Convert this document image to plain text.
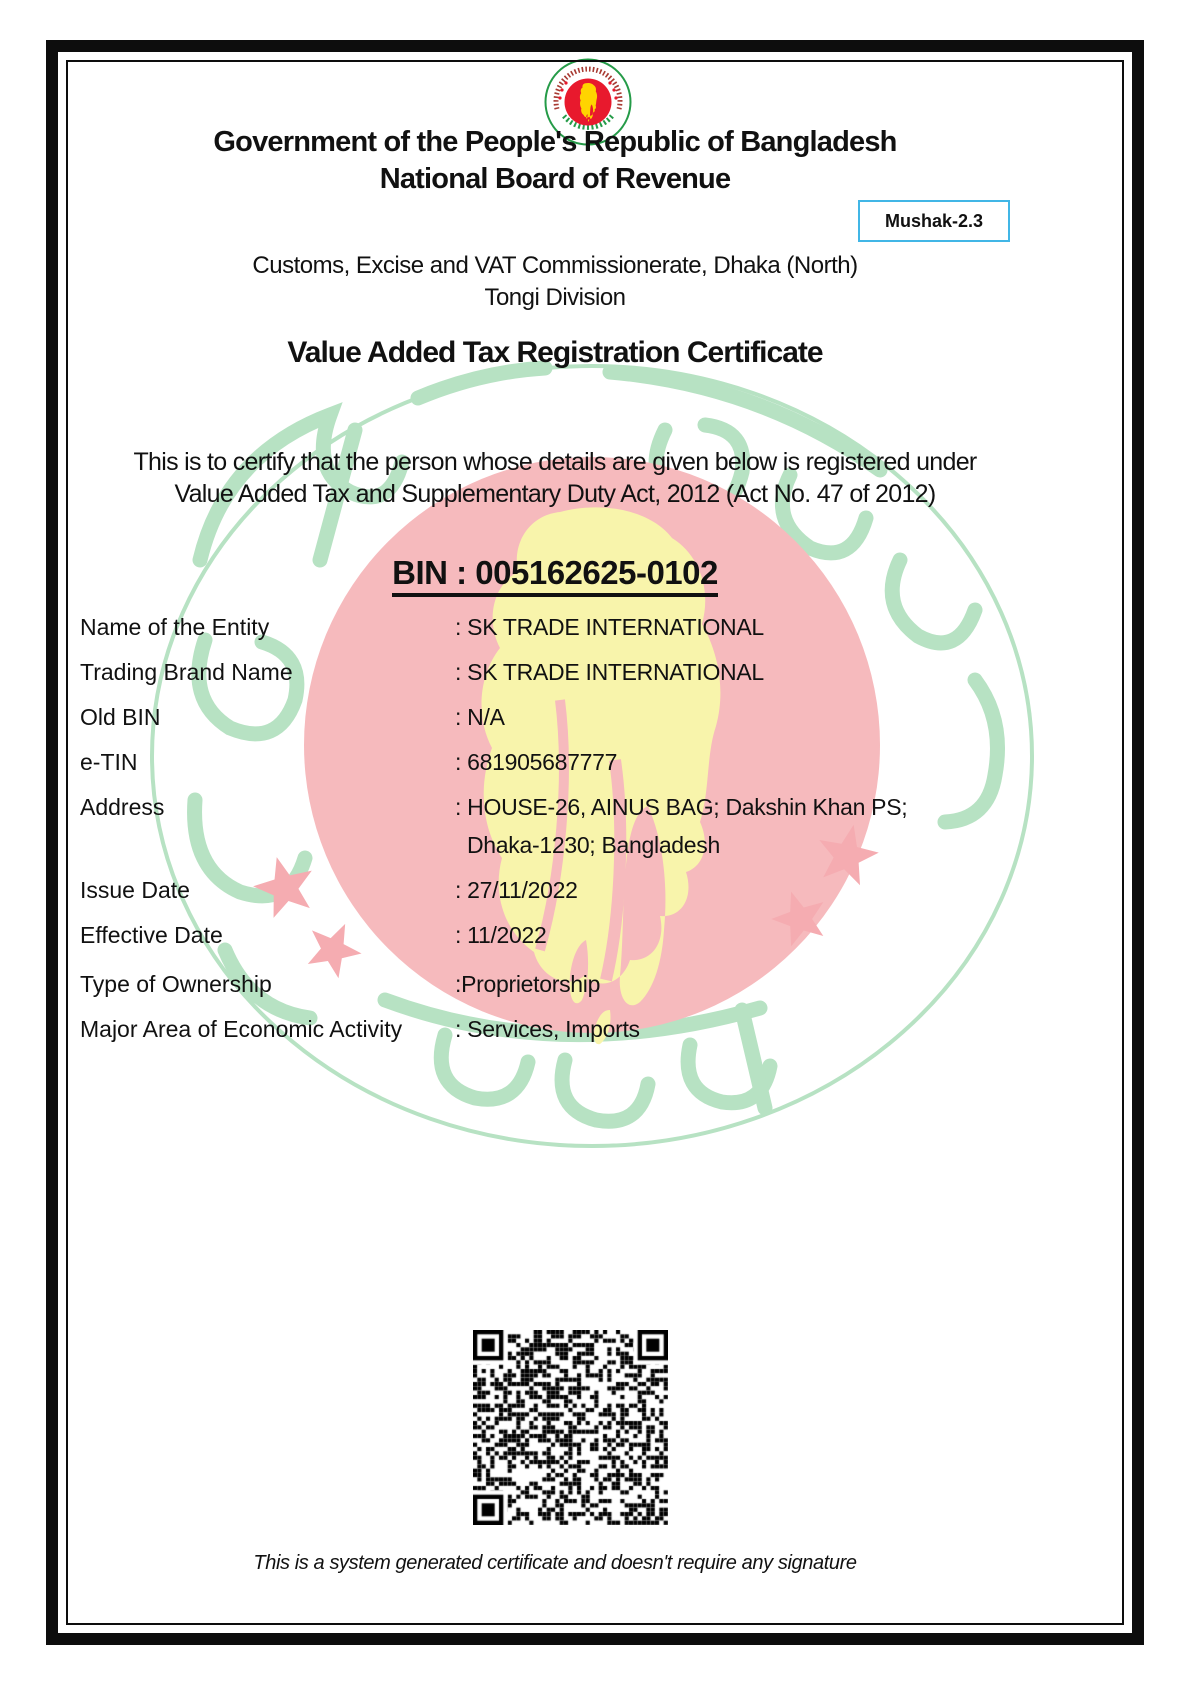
Government of the People's Republic of Bangladesh
National Board of Revenue
Mushak-2.3
Customs, Excise and VAT Commissionerate, Dhaka (North)
Tongi Division
Value Added Tax Registration Certificate
This is to certify that the person whose details are given below is registered under
Value Added Tax and Supplementary Duty Act, 2012 (Act No. 47 of 2012)
BIN : 005162625-0102
Name of the Entity	: SK TRADE INTERNATIONAL
Trading Brand Name	: SK TRADE INTERNATIONAL
Old BIN	: N/A
e-TIN	: 681905687777
Address	: HOUSE-26, AINUS BAG; Dakshin Khan PS;
Dhaka-1230; Bangladesh
Issue Date	: 27/11/2022
Effective Date	: 11/2022
Type of Ownership	:Proprietorship
Major Area of Economic Activity	: Services, Imports
This is a system generated certificate and doesn't require any signature
